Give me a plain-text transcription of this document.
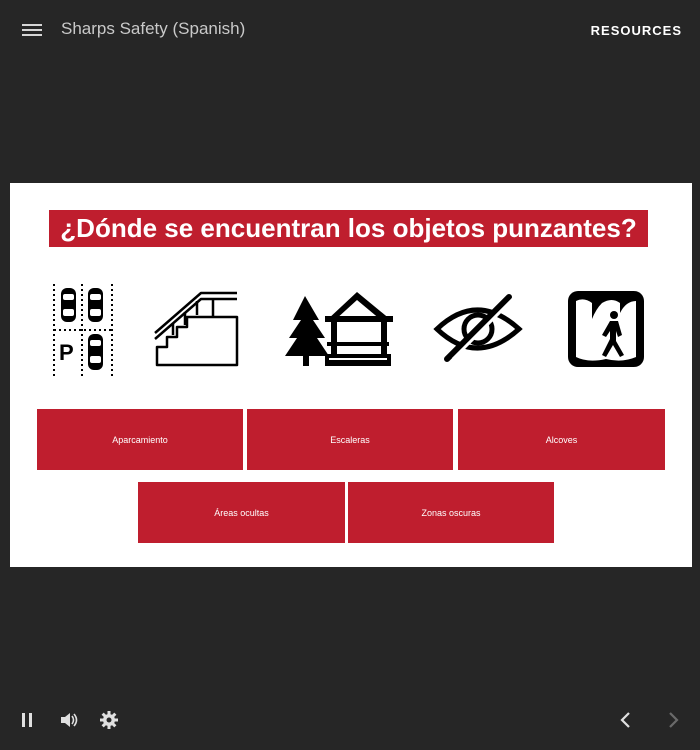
Sharps Safety (Spanish)	RESOURCES
¿Dónde se encuentran los objetos punzantes?
P
Aparcamiento	Escaleras	Alcoves
Áreas ocultas	Zonas oscuras
